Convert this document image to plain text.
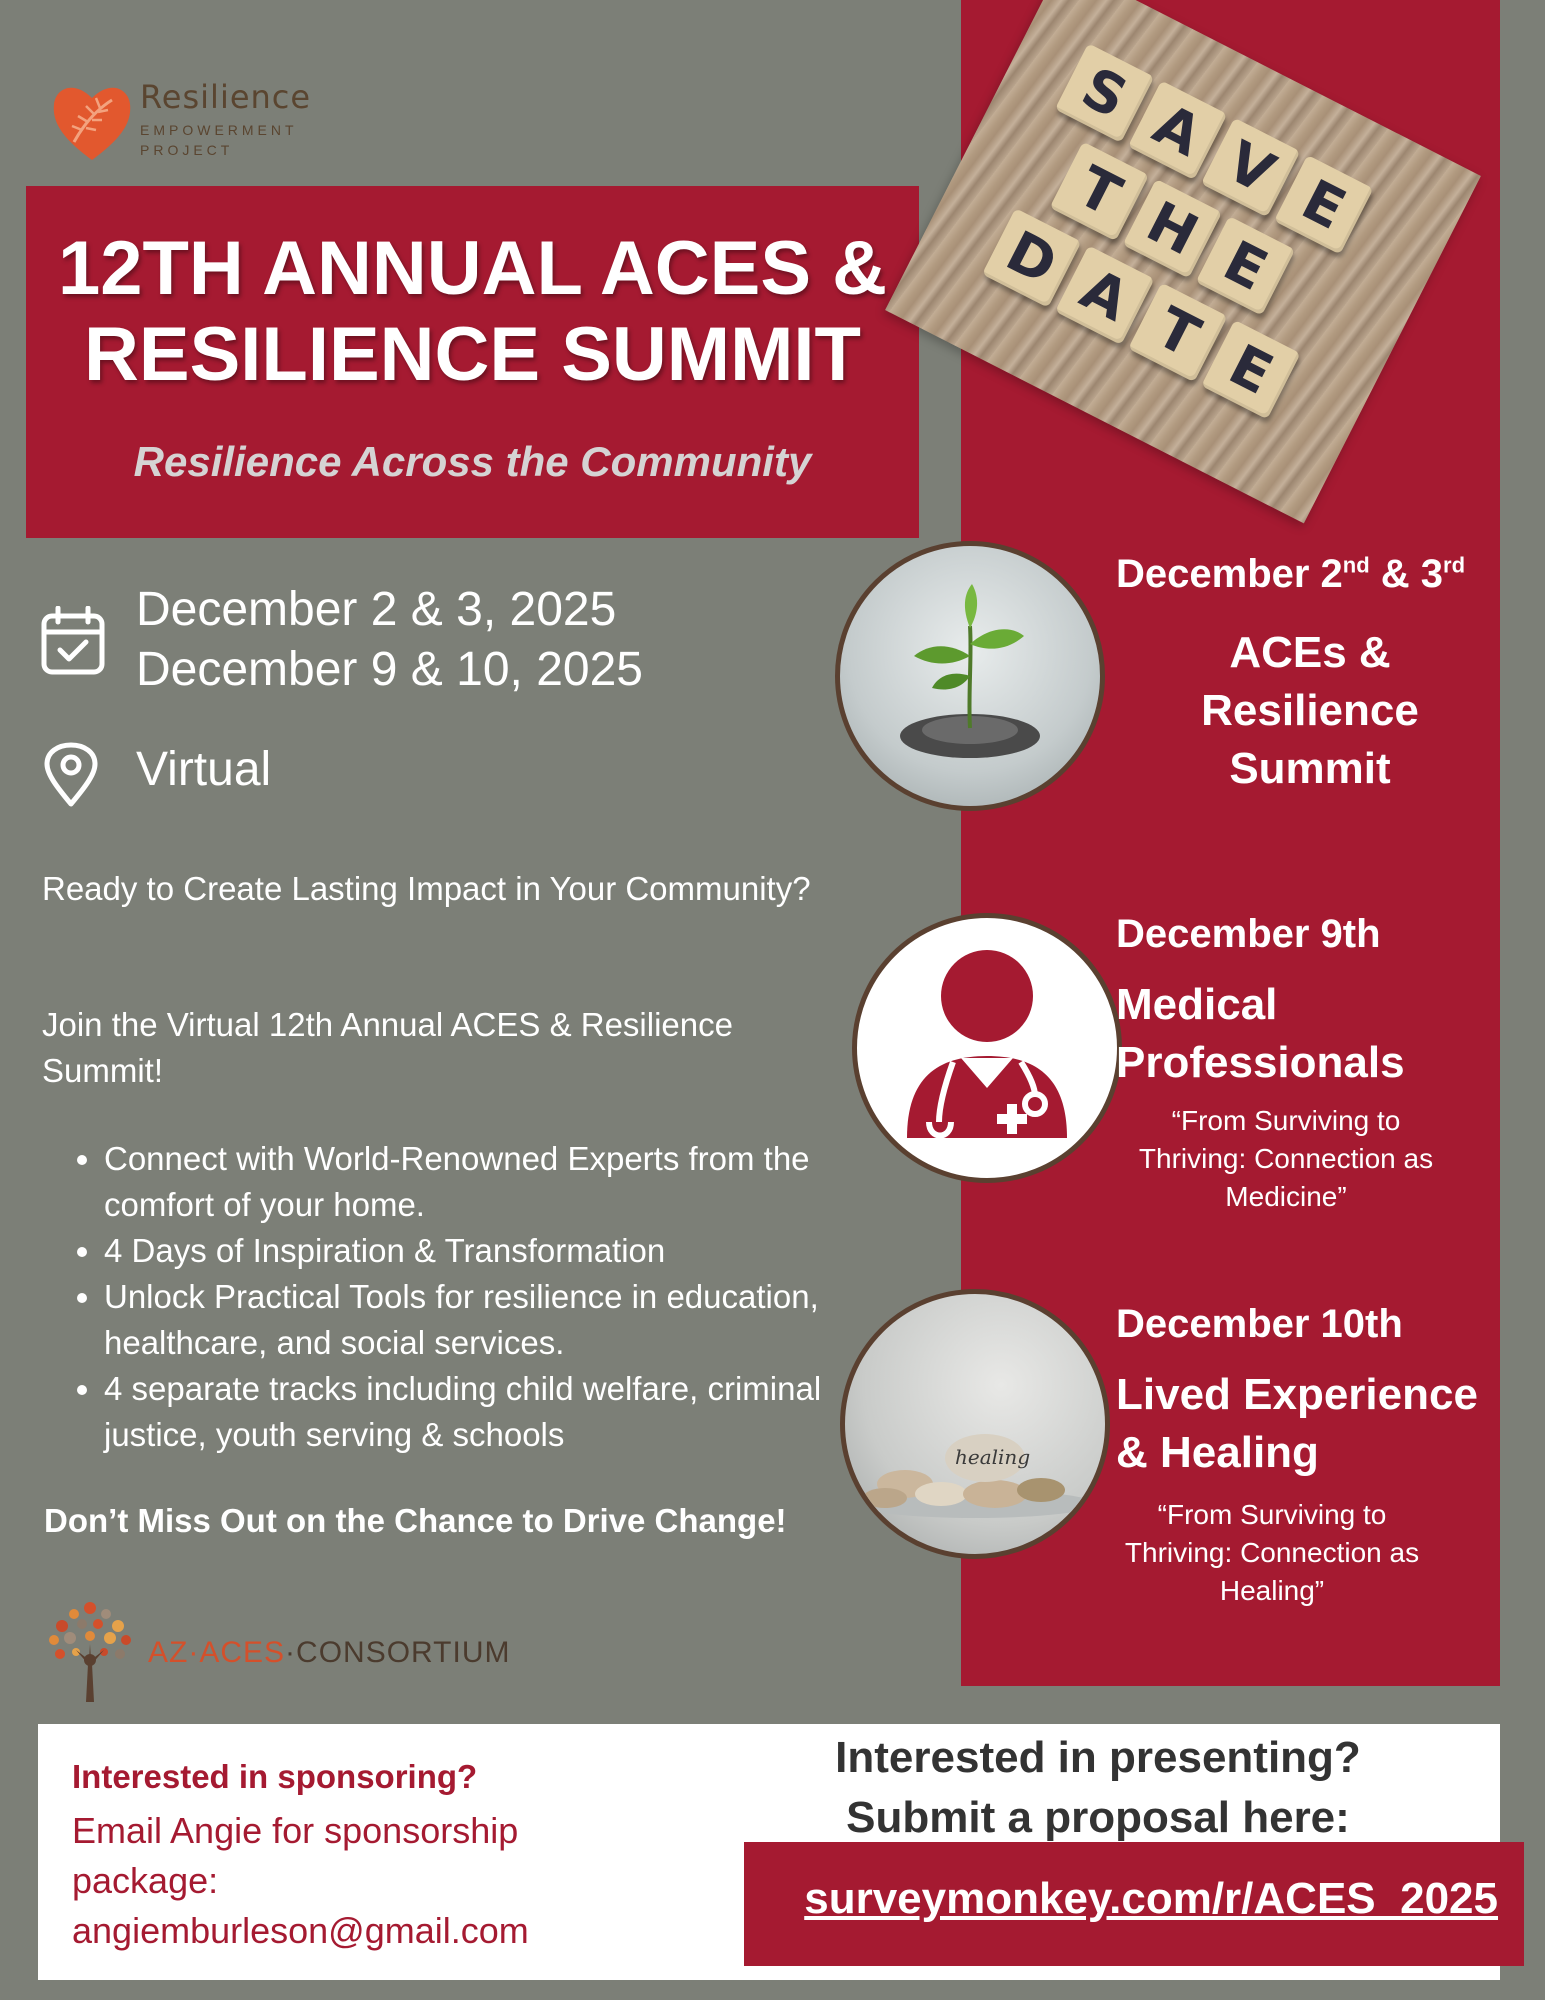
Resilience
EMPOWERMENT
PROJECT
12TH ANNUAL ACES &
RESILIENCE SUMMIT
Resilience Across the Community
S A V E
T H E
D A T E
December 2 & 3, 2025
December 9 & 10, 2025
Virtual
Ready to Create Lasting Impact in Your Community?
Join the Virtual 12th Annual ACES & Resilience Summit!
• Connect with World-Renowned Experts from the comfort of your home.
• 4 Days of Inspiration & Transformation
• Unlock Practical Tools for resilience in education, healthcare, and social services.
• 4 separate tracks including child welfare, criminal justice, youth serving & schools
Don’t Miss Out on the Chance to Drive Change!
AZ·ACES·CONSORTIUM
healing
December 2nd & 3rd
ACEs &
Resilience
Summit
December 9th
Medical
Professionals
“From Surviving to
Thriving: Connection as
Medicine”
December 10th
Lived Experience
& Healing
“From Surviving to
Thriving: Connection as
Healing”
Interested in sponsoring?
Email Angie for sponsorship
package:
angiemburleson@gmail.com
Interested in presenting?
Submit a proposal here:
surveymonkey.com/r/ACES_2025
